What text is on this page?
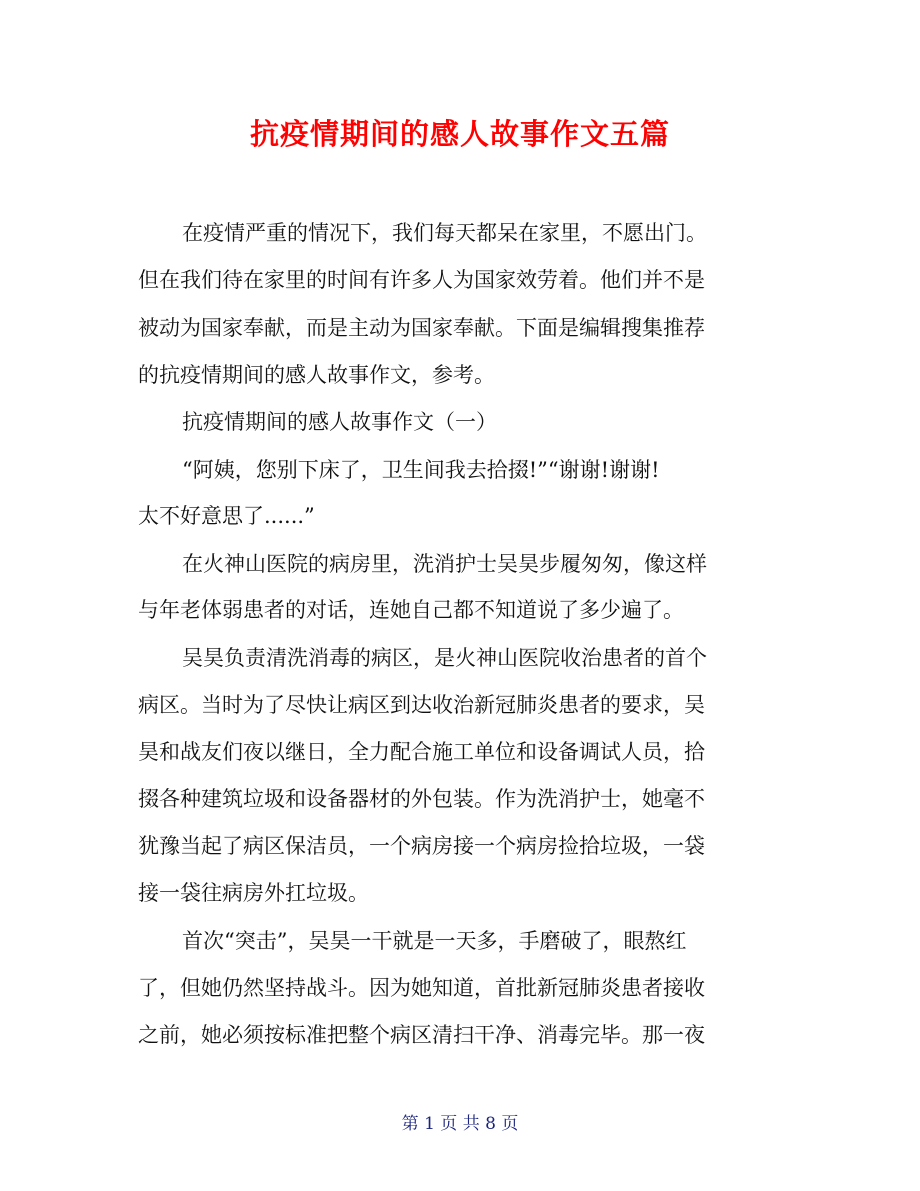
抗疫情期间的感人故事作文五篇
在疫情严重的情况下，我们每天都呆在家里，不愿出门。
但在我们待在家里的时间有许多人为国家效劳着。他们并不是
被动为国家奉献，而是主动为国家奉献。下面是编辑搜集推荐
的抗疫情期间的感人故事作文，参考。
抗疫情期间的感人故事作文（一）
“阿姨，您别下床了，卫生间我去拾掇!”“谢谢!谢谢!
太不好意思了......”
在火神山医院的病房里，洗消护士吴昊步履匆匆，像这样
与年老体弱患者的对话，连她自己都不知道说了多少遍了。
吴昊负责清洗消毒的病区，是火神山医院收治患者的首个
病区。当时为了尽快让病区到达收治新冠肺炎患者的要求，吴
昊和战友们夜以继日，全力配合施工单位和设备调试人员，拾
掇各种建筑垃圾和设备器材的外包装。作为洗消护士，她毫不
犹豫当起了病区保洁员，一个病房接一个病房捡拾垃圾，一袋
接一袋往病房外扛垃圾。
首次“突击”，吴昊一干就是一天多，手磨破了，眼熬红
了，但她仍然坚持战斗。因为她知道，首批新冠肺炎患者接收
之前，她必须按标准把整个病区清扫干净、消毒完毕。那一夜
第 1 页 共 8 页
